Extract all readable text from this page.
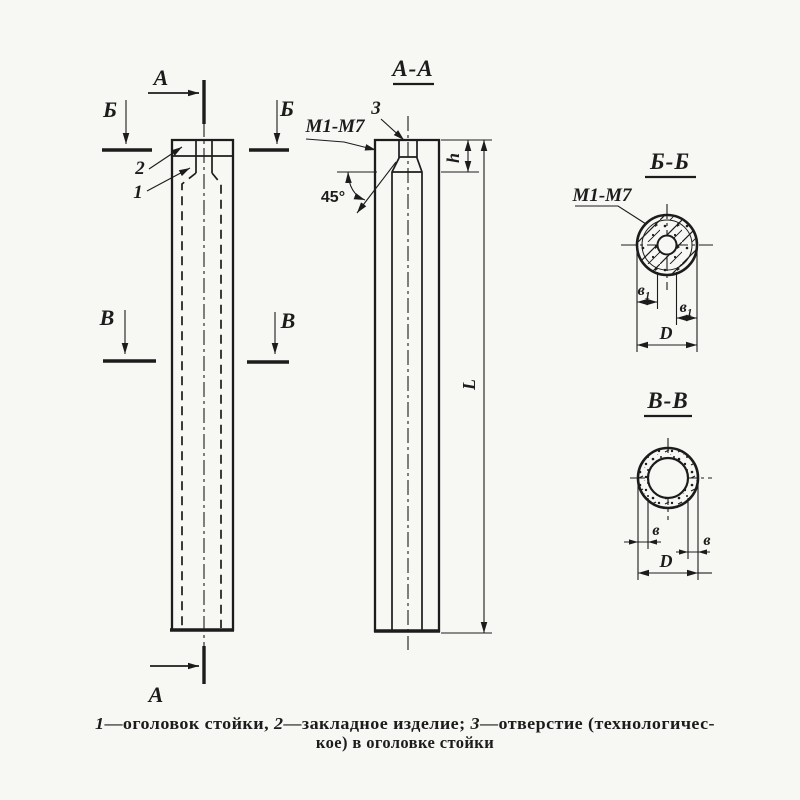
А
А
Б	Б
В	В
2
1
А-А
3
М1-М7
45°
h
L
Б-Б
М1-М7
$в_1$
$в_1$
D
В-В
в
в
D
1—оголовок стойки, 2—закладное изделие; 3—отверстие (технологичес-
кое) в оголовке стойки
